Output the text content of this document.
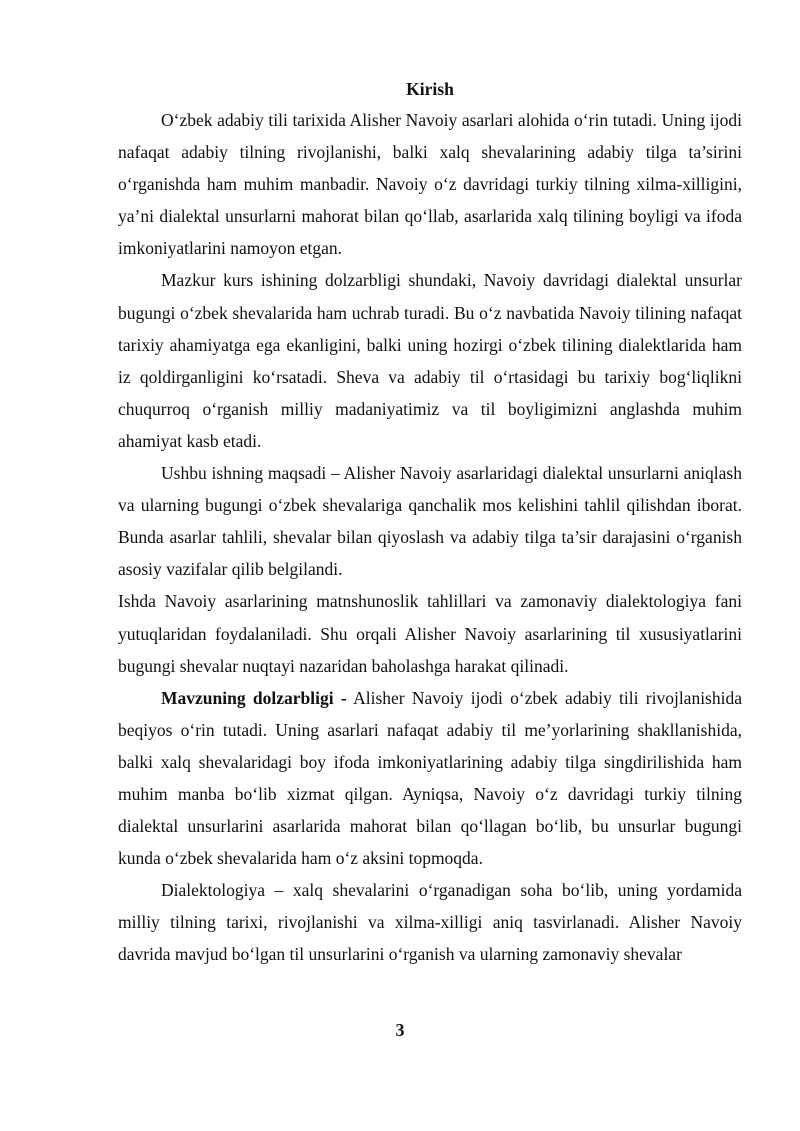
Kirish

O‘zbek adabiy tili tarixida Alisher Navoiy asarlari alohida o‘rin tutadi. Uning ijodi nafaqat adabiy tilning rivojlanishi, balki xalq shevalarining adabiy tilga ta’sirini o‘rganishda ham muhim manbadir. Navoiy o‘z davridagi turkiy tilning xilma-xilligini, ya’ni dialektal unsurlarni mahorat bilan qo‘llab, asarlarida xalq tilining boyligi va ifoda imkoniyatlarini namoyon etgan.

Mazkur kurs ishining dolzarbligi shundaki, Navoiy davridagi dialektal unsurlar bugungi o‘zbek shevalarida ham uchrab turadi. Bu o‘z navbatida Navoiy tilining nafaqat tarixiy ahamiyatga ega ekanligini, balki uning hozirgi o‘zbek tilining dialektlarida ham iz qoldirganligini ko‘rsatadi. Sheva va adabiy til o‘rtasidagi bu tarixiy bog‘liqlikni chuqurroq o‘rganish milliy madaniyatimiz va til boyligimizni anglashda muhim ahamiyat kasb etadi.

Ushbu ishning maqsadi – Alisher Navoiy asarlaridagi dialektal unsurlarni aniqlash va ularning bugungi o‘zbek shevalariga qanchalik mos kelishini tahlil qilishdan iborat. Bunda asarlar tahlili, shevalar bilan qiyoslash va adabiy tilga ta’sir darajasini o‘rganish asosiy vazifalar qilib belgilandi.

Ishda Navoiy asarlarining matnshunoslik tahlillari va zamonaviy dialektologiya fani yutuqlaridan foydalaniladi. Shu orqali Alisher Navoiy asarlarining til xususiyatlarini bugungi shevalar nuqtayi nazaridan baholashga harakat qilinadi.

Mavzuning dolzarbligi - Alisher Navoiy ijodi o‘zbek adabiy tili rivojlanishida beqiyos o‘rin tutadi. Uning asarlari nafaqat adabiy til me’yorlarining shakllanishida, balki xalq shevalaridagi boy ifoda imkoniyatlarining adabiy tilga singdirilishida ham muhim manba bo‘lib xizmat qilgan. Ayniqsa, Navoiy o‘z davridagi turkiy tilning dialektal unsurlarini asarlarida mahorat bilan qo‘llagan bo‘lib, bu unsurlar bugungi kunda o‘zbek shevalarida ham o‘z aksini topmoqda.

Dialektologiya – xalq shevalarini o‘rganadigan soha bo‘lib, uning yordamida milliy tilning tarixi, rivojlanishi va xilma-xilligi aniq tasvirlanadi. Alisher Navoiy davrida mavjud bo‘lgan til unsurlarini o‘rganish va ularning zamonaviy shevalar

3
